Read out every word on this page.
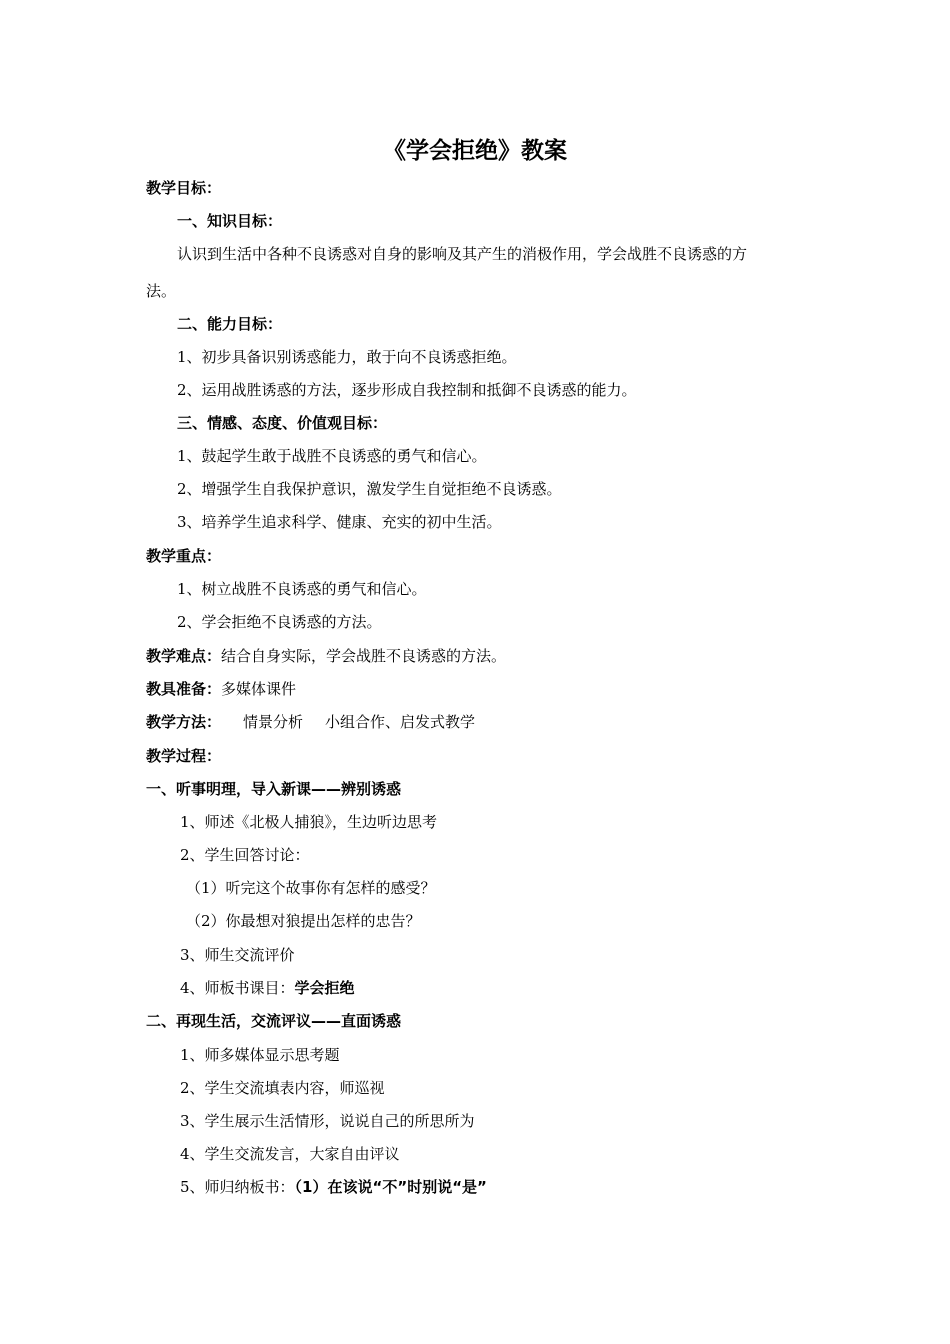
《学会拒绝》教案
教学目标：
一、知识目标：
认识到生活中各种不良诱惑对自身的影响及其产生的消极作用，学会战胜不良诱惑的方
法。
二、能力目标：
1、初步具备识别诱惑能力，敢于向不良诱惑拒绝。
2、运用战胜诱惑的方法，逐步形成自我控制和抵御不良诱惑的能力。
三、情感、态度、价值观目标：
1、鼓起学生敢于战胜不良诱惑的勇气和信心。
2、增强学生自我保护意识，激发学生自觉拒绝不良诱惑。
3、培养学生追求科学、健康、充实的初中生活。
教学重点：
1、树立战胜不良诱惑的勇气和信心。
2、学会拒绝不良诱惑的方法。
教学难点：结合自身实际，学会战胜不良诱惑的方法。
教具准备：多媒体课件
教学方法： 情景分析 小组合作、启发式教学
教学过程：
一、听事明理，导入新课——辨别诱惑
1、师述《北极人捕狼》，生边听边思考
2、学生回答讨论：
（1）听完这个故事你有怎样的感受？
（2）你最想对狼提出怎样的忠告？
3、师生交流评价
4、师板书课目：学会拒绝
二、再现生活，交流评议——直面诱惑
1、师多媒体显示思考题
2、学生交流填表内容，师巡视
3、学生展示生活情形，说说自己的所思所为
4、学生交流发言，大家自由评议
5、师归纳板书：（1）在该说“不”时别说“是”
